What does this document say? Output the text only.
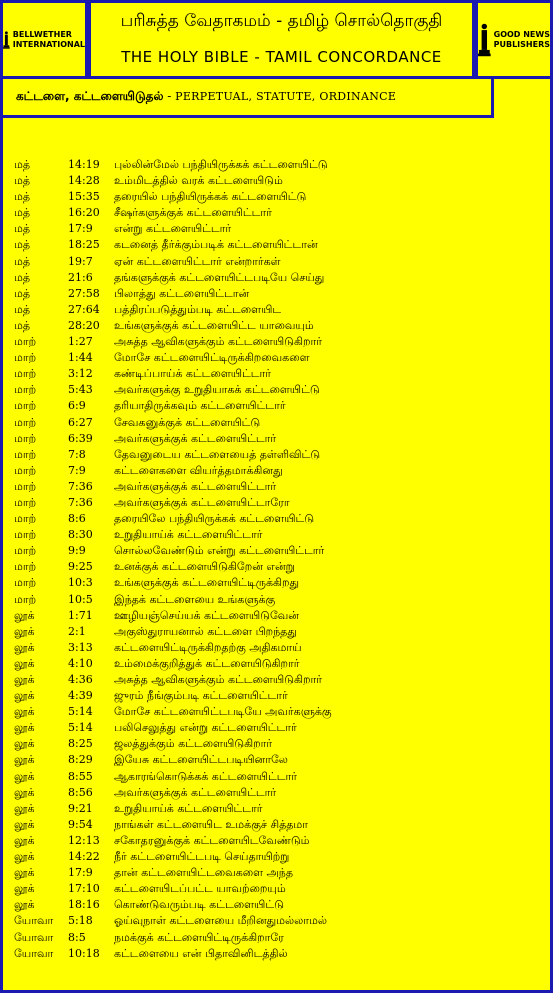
BELLWETHER
INTERNATIONAL
பரிசுத்த வேதாகமம் - தமிழ் சொல்தொகுதி
THE HOLY BIBLE - TAMIL CONCORDANCE
GOOD NEWS
PUBLISHERS
கட்டளை, கட்டளையிடுதல் - PERPETUAL, STATUTE, ORDINANCE
மத்	14:19 புல்லின்மேல் பந்தியிருக்கக் கட்டளையிட்டு
மத்	14:28 உம்மிடத்தில் வரக் கட்டளையிடும்
மத்	15:35 தரையில் பந்தியிருக்கக் கட்டளையிட்டு
மத்	16:20 சீஷர்களுக்குக் கட்டளையிட்டார்
மத்	17:9 என்று கட்டளையிட்டார்
மத்	18:25 கடனைத் தீர்க்கும்படிக் கட்டளையிட்டான்
மத்	19:7 ஏன் கட்டளையிட்டார் என்றார்கள்
மத்	21:6 தங்களுக்குக் கட்டளையிட்டபடியே செய்து
மத்	27:58 பிலாத்து கட்டளையிட்டான்
மத்	27:64 பத்திரப்படுத்தும்படி கட்டளையிட
மத்	28:20 உங்களுக்குக் கட்டளையிட்ட யாவையும்
மாற்	1:27 அசுத்த ஆவிகளுக்கும் கட்டளையிடுகிறார்
மாற்	1:44 மோசே கட்டளையிட்டிருக்கிறவைகளை
மாற்	3:12 கண்டிப்பாய்க் கட்டளையிட்டார்
மாற்	5:43 அவர்களுக்கு உறுதியாகக் கட்டளையிட்டு
மாற்	6:9	தரியாதிருக்கவும் கட்டளையிட்டார்
மாற்	6:27 சேவகனுக்குக் கட்டளையிட்டு
மாற்	6:39 அவர்களுக்குக் கட்டளையிட்டார்
மாற்	7:8	தேவனுடைய கட்டளையைத் தள்ளிவிட்டு
மாற்	7:9	கட்டளைகளை வியர்த்தமாக்கினது
மாற்	7:36 அவர்களுக்குக் கட்டளையிட்டார்
மாற்	7:36 அவர்களுக்குக் கட்டளையிட்டாரோ
மாற்	8:6	தரையிலே பந்தியிருக்கக் கட்டளையிட்டு
மாற்	8:30 உறுதியாய்க் கட்டளையிட்டார்
மாற்	9:9	சொல்லவேண்டும் என்று கட்டளையிட்டார்
மாற்	9:25 உனக்குக் கட்டளையிடுகிறேன் என்று
மாற்	10:3 உங்களுக்குக் கட்டளையிட்டிருக்கிறது
மாற்	10:5 இந்தக் கட்டளையை உங்களுக்கு
லூக்	1:71 ஊழியஞ்செய்யக் கட்டளையிடுவேன்
லூக்	2:1	அகுஸ்துராயனால் கட்டளை பிறந்தது
லூக்	3:13 கட்டளையிட்டிருக்கிறதற்கு அதிகமாய்
லூக்	4:10 உம்மைக்குறித்துக் கட்டளையிடுகிறார்
லூக்	4:36 அசுத்த ஆவிகளுக்கும் கட்டளையிடுகிறார்
லூக்	4:39 ஜுரம் நீங்கும்படி கட்டளையிட்டார்
லூக்	5:14 மோசே கட்டளையிட்டபடியே அவர்களுக்கு
லூக்	5:14 பலிசெலுத்து என்று கட்டளையிட்டார்
லூக்	8:25 ஜலத்துக்கும் கட்டளையிடுகிறார்
லூக்	8:29 இயேசு கட்டளையிட்டபடியினாலே
லூக்	8:55 ஆகாரங்கொடுக்கக் கட்டளையிட்டார்
லூக்	8:56 அவர்களுக்குக் கட்டளையிட்டார்
லூக்	9:21 உறுதியாய்க் கட்டளையிட்டார்
லூக்	9:54 நாங்கள் கட்டளையிட உமக்குச் சித்தமா
லூக்	12:13 சகோதரனுக்குக் கட்டளையிடவேண்டும்
லூக்	14:22 நீர் கட்டளையிட்டபடி செய்தாயிற்று
லூக்	17:9 தான் கட்டளையிட்டவைகளை அந்த
லூக்	17:10 கட்டளையிடப்பட்ட யாவற்றையும்
லூக்	18:16 கொண்டுவரும்படி கட்டளையிட்டு
யோவா 5:18 ஓய்வுநாள் கட்டளையை மீறினதுமல்லாமல்
யோவா 8:5	நமக்குக் கட்டளையிட்டிருக்கிறாரே
யோவா 10:18 கட்டளையை என் பிதாவினிடத்தில்
